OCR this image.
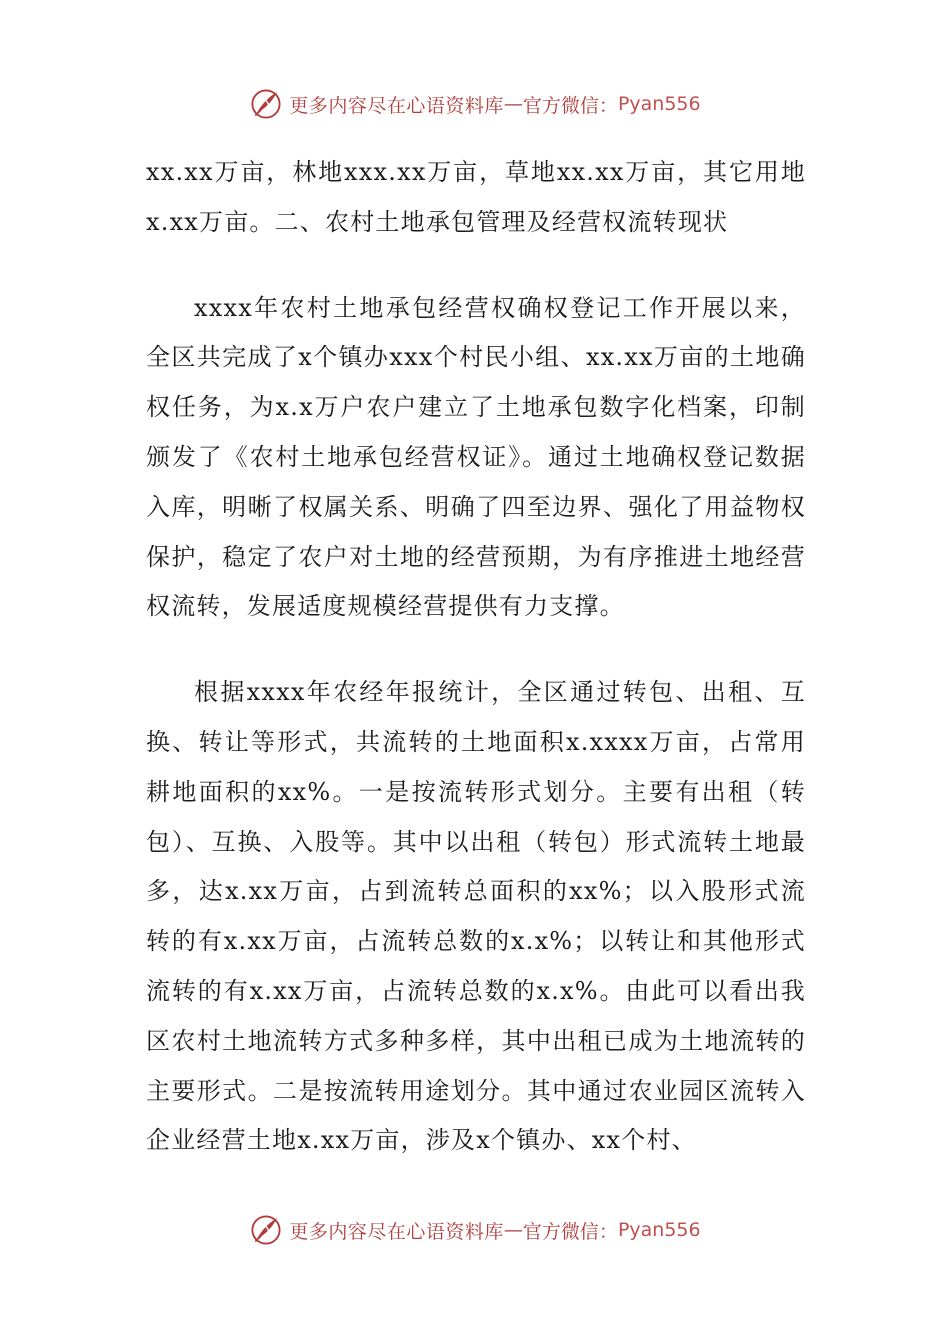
更多内容尽在心语资料库 — 官方微信： Pyan556

xx.xx万亩，林地xxx.xx万亩，草地xx.xx万亩，其它用地x.xx万亩。二、农村土地承包管理及经营权流转现状

xxxx年农村土地承包经营权确权登记工作开展以来，全区共完成了x个镇办xxx个村民小组、xx.xx万亩的土地确权任务，为x.x万户农户建立了土地承包数字化档案，印制颁发了《农村土地承包经营权证》。通过土地确权登记数据入库，明晰了权属关系、明确了四至边界、强化了用益物权保护，稳定了农户对土地的经营预期，为有序推进土地经营权流转，发展适度规模经营提供有力支撑。

根据xxxx年农经年报统计，全区通过转包、出租、互换、转让等形式，共流转的土地面积x.xxxx万亩，占常用耕地面积的xx%。一是按流转形式划分。主要有出租（转包）、互换、入股等。其中以出租（转包）形式流转土地最多，达x.xx万亩，占到流转总面积的xx%；以入股形式流转的有x.xx万亩，占流转总数的x.x%；以转让和其他形式流转的有x.xx万亩，占流转总数的x.x%。由此可以看出我区农村土地流转方式多种多样，其中出租已成为土地流转的主要形式。二是按流转用途划分。其中通过农业园区流转入企业经营土地x.xx万亩，涉及x个镇办、xx个村、

更多内容尽在心语资料库 — 官方微信： Pyan556
